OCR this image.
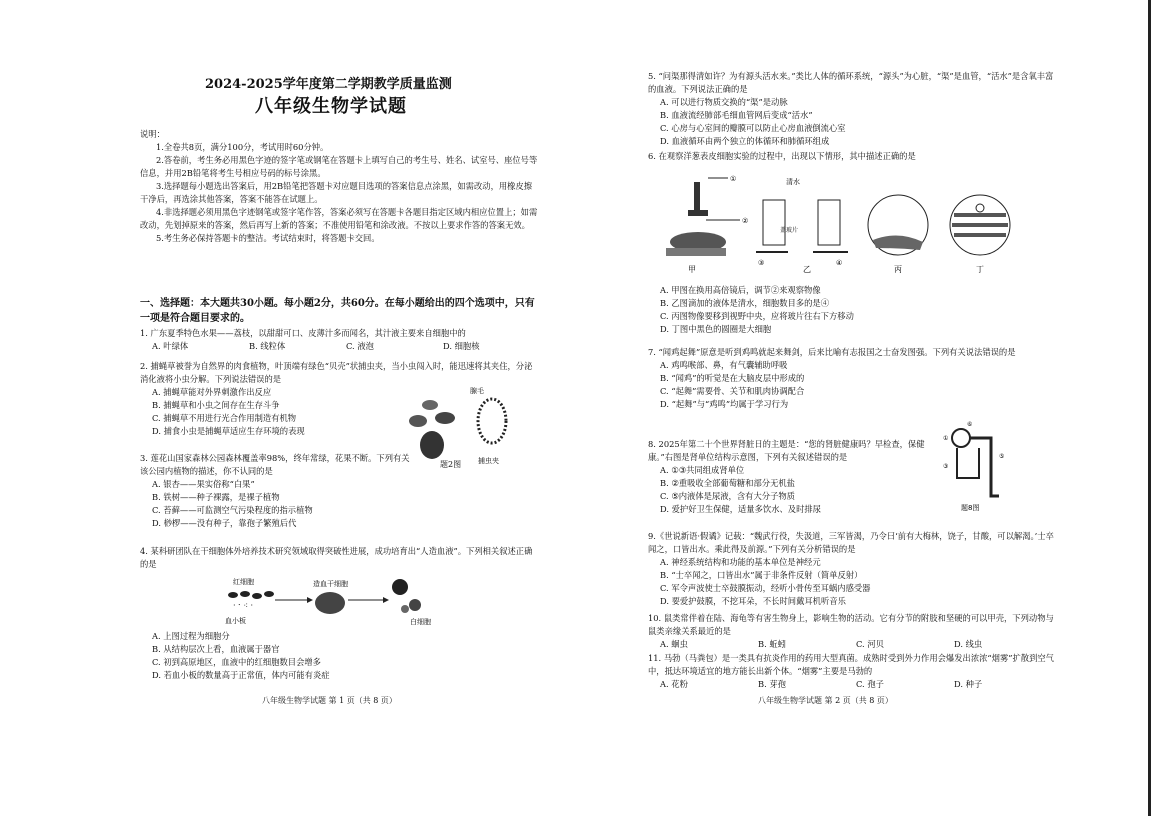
2024-2025学年度第二学期教学质量监测
八年级生物学试题

说明：

1.全卷共8页，满分100分，考试用时60分钟。

2.答卷前，考生务必用黑色字迹的签字笔或钢笔在答题卡上填写自己的考生号、姓名、试室号、座位号等信息，并用2B铅笔将考生号相应号码的标号涂黑。

3.选择题每小题选出答案后，用2B铅笔把答题卡对应题目选项的答案信息点涂黑，如需改动，用橡皮擦干净后，再选涂其他答案，答案不能答在试题上。

4.非选择题必须用黑色字迹钢笔或签字笔作答，答案必须写在答题卡各题目指定区域内相应位置上；如需改动，先划掉原来的答案，然后再写上新的答案；不准使用铅笔和涂改液。不按以上要求作答的答案无效。

5.考生务必保持答题卡的整洁。考试结束时，将答题卡交回。

一、选择题：本大题共30小题。每小题2分，共60分。在每小题给出的四个选项中，只有一项是符合题目要求的。

1. 广东夏季特色水果——荔枝，以甜甜可口、皮薄汁多而闻名，其汁液主要来自细胞中的

A. 叶绿体	B. 线粒体	C. 液泡	D. 细胞核

2. 捕蝇草被誉为自然界的肉食植物，叶顶端有绿色“贝壳”状捕虫夹，当小虫闯入时，能迅速将其夹住，分泌消化液将小虫分解。下列说法错误的是

A. 捕蝇草能对外界刺激作出反应

B. 捕蝇草和小虫之间存在生存斗争

C. 捕蝇草不用进行光合作用制造有机物

D. 捕食小虫是捕蝇草适应生存环境的表现

腺毛
捕虫夹
题2图

3. 莲花山国家森林公园森林覆盖率98%，终年常绿，花果不断。下列有关该公园内植物的描述，你不认同的是

A. 银杏——果实俗称“白果”

B. 铁树——种子裸露，是裸子植物

C. 苔藓——可监测空气污染程度的指示植物

D. 桫椤——没有种子，靠孢子繁殖后代

4. 某科研团队在干细胞体外培养技术研究领域取得突破性进展，成功培育出“人造血液”。下列相关叙述正确的是

红细胞
· ˑ ⁖ ·
血小板
造血干细胞
白细胞

A. 上图过程为细胞分

B. 从结构层次上看，血液属于器官

C. 初到高原地区，血液中的红细胞数目会增多

D. 若血小板的数量高于正常值，体内可能有炎症

八年级生物学试题 第 1 页（共 8 页）

5. “问渠那得清如许？为有源头活水来。”类比人体的循环系统，“源头”为心脏，“渠”是血管，“活水”是含氧丰富的血液。下列说法正确的是

A. 可以进行物质交换的“渠”是动脉

B. 血液流经肺部毛细血管网后变成“活水”

C. 心房与心室间的瓣膜可以防止心房血液倒流心室

D. 血液循环由两个独立的体循环和肺循环组成

6. 在观察洋葱表皮细胞实验的过程中，出现以下情形，其中描述正确的是

①
②
甲
清水
盖玻片
③	④
乙	丙	丁

A. 甲图在换用高倍镜后，调节②来观察物像

B. 乙图滴加的液体是清水，细胞数目多的是④

C. 丙图物像要移到视野中央，应将玻片往右下方移动

D. 丁图中黑色的圆圈是大细胞

7. “闻鸡起舞”原意是听到鸡鸣就起来舞剑，后来比喻有志报国之士奋发图强。下列有关说法错误的是

A. 鸡鸣喉部、鼻，有气囊辅助呼吸

B. “闻鸡”的听觉是在大脑皮层中形成的

C. “起舞”需要骨、关节和肌肉协调配合

D. “起舞”与“鸡鸣”均属于学习行为

8. 2025年第二十个世界肾脏日的主题是：“您的肾脏健康吗？早检查，保健康。”右图是肾单位结构示意图，下列有关叙述错误的是

A. ①③共同组成肾单位

B. ②重吸收全部葡萄糖和部分无机盐

C. ⑤内液体是尿液，含有大分子物质

D. 爱护好卫生保健，适量多饮水、及时排尿

⑥
①
③
⑤
题8图

9.《世说新语·假谲》记载：“魏武行役，失汲道，三军皆渴，乃令曰‘前有大梅林，饶子，甘酸，可以解渴。’士卒闻之，口皆出水。乘此得及前源。”下列有关分析错误的是

A. 神经系统结构和功能的基本单位是神经元

B. “士卒闻之，口皆出水”属于非条件反射（简单反射）

C. 军令声波使士卒鼓膜振动，经听小骨传至耳蜗内感受器

D. 要爱护鼓膜，不挖耳朵，不长时间戴耳机听音乐

10. 鼠类常伴着在陆、海龟等有害生物身上，影响生物的活动。它有分节的附肢和坚硬的可以甲壳，下列动物与鼠类亲缘关系最近的是

A. 蛔虫	B. 蚯蚓	C. 河贝	D. 线虫

11. 马勃（马粪包）是一类具有抗炎作用的药用大型真菌。成熟时受到外力作用会爆发出浓浓“烟雾”扩散到空气中，抵达环境适宜的地方能长出新个体。“烟雾”主要是马勃的

A. 花粉	B. 芽孢	C. 孢子	D. 种子
八年级生物学试题 第 2 页（共 8 页）
